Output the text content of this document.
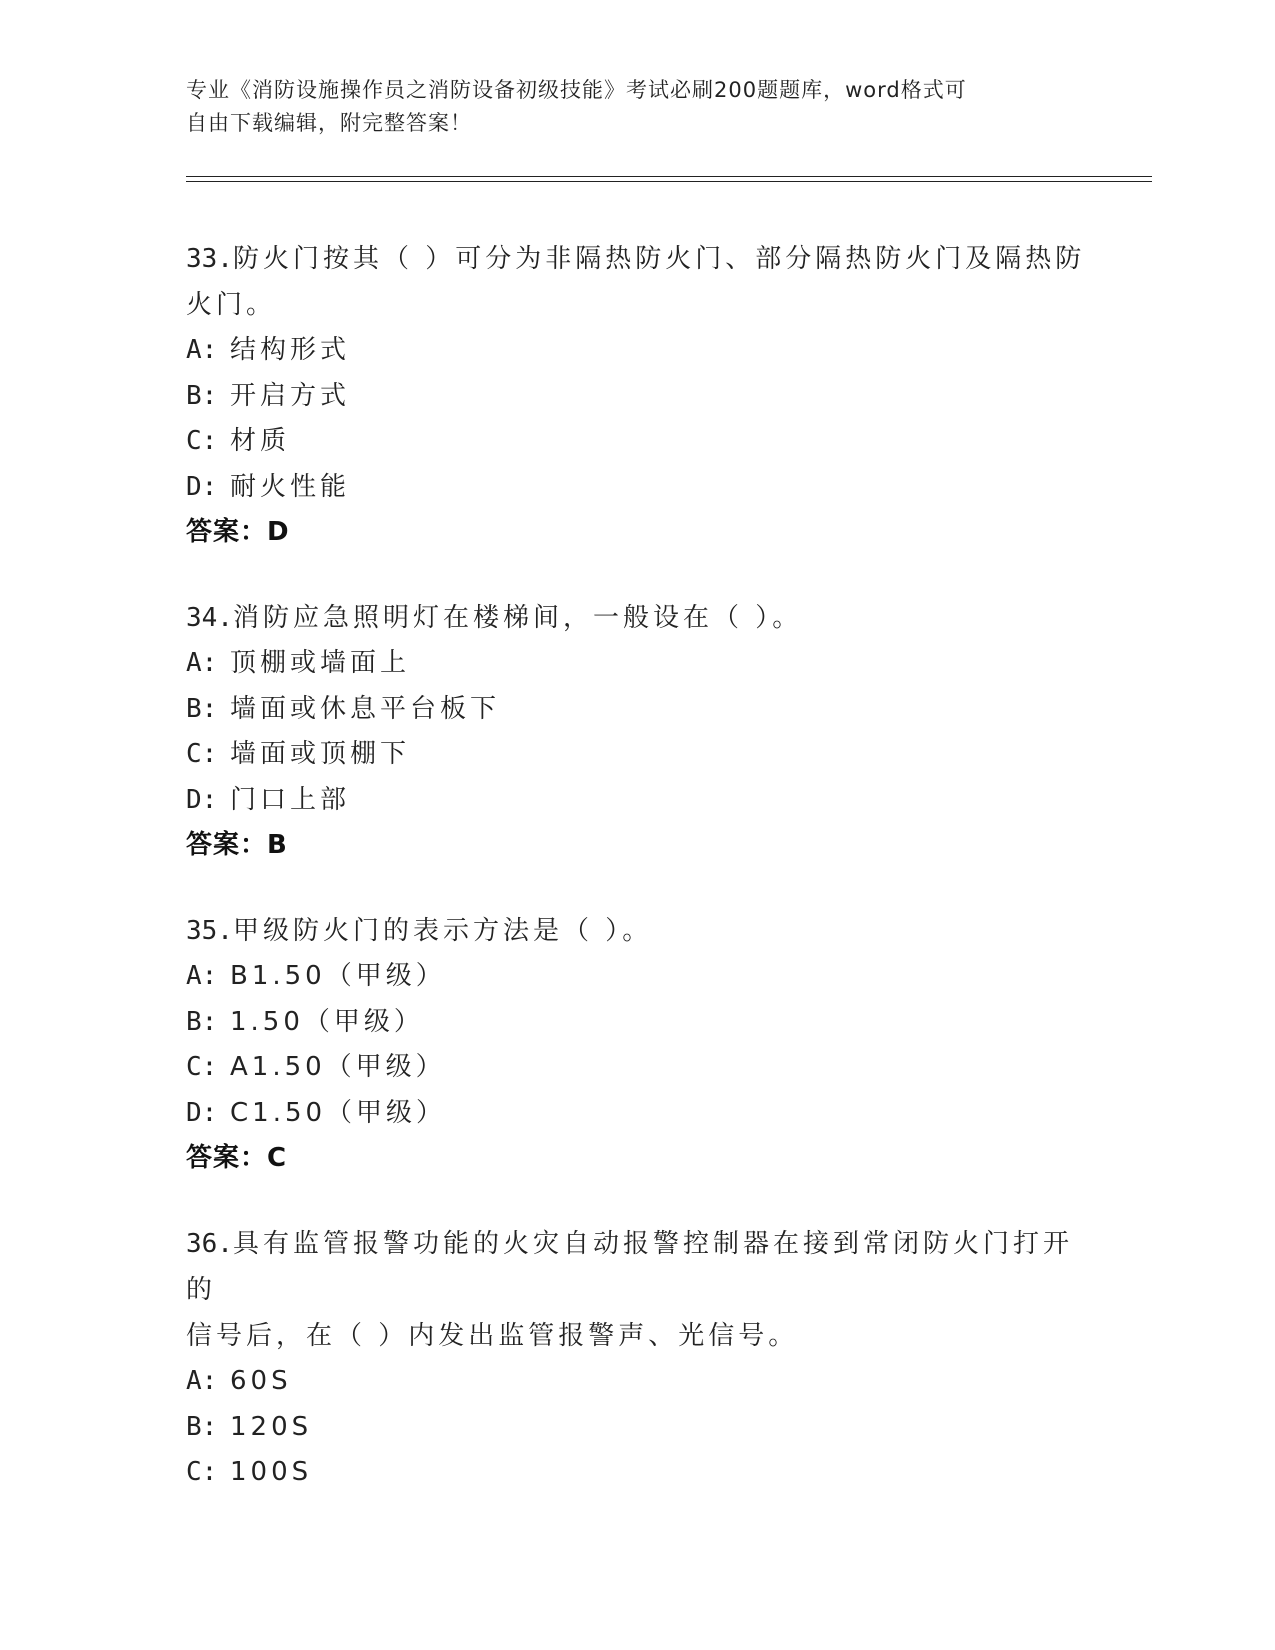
专业《消防设施操作员之消防设备初级技能》考试必刷200题题库，word格式可
自由下载编辑，附完整答案！
33.防火门按其（ ）可分为非隔热防火门、部分隔热防火门及隔热防
火门。
A: 结构形式
B: 开启方式
C: 材质
D: 耐火性能
答案：D
34.消防应急照明灯在楼梯间，一般设在（ ）。
A: 顶棚或墙面上
B: 墙面或休息平台板下
C: 墙面或顶棚下
D: 门口上部
答案：B
35.甲级防火门的表示方法是（ ）。
A: B1.50（甲级）
B: 1.50（甲级）
C: A1.50（甲级）
D: C1.50（甲级）
答案：C
36.具有监管报警功能的火灾自动报警控制器在接到常闭防火门打开的
信号后，在（ ）内发出监管报警声、光信号。
A: 60S
B: 120S
C: 100S
